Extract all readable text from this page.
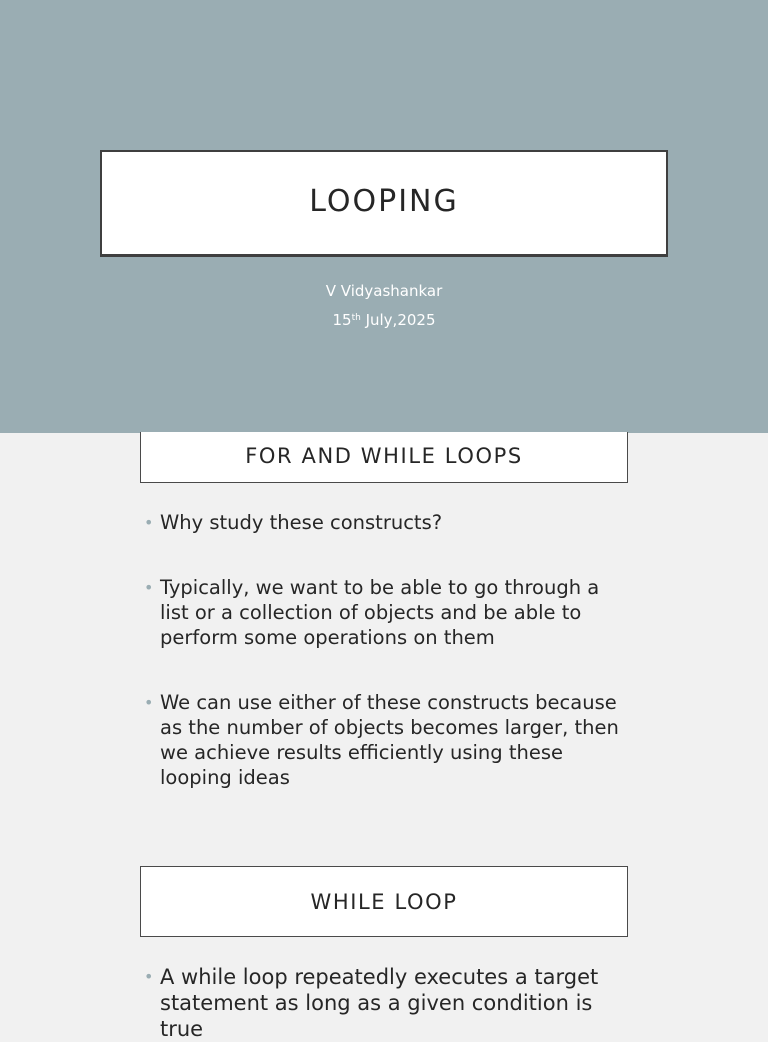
LOOPING
V Vidyashankar
15th July,2025
FOR AND WHILE LOOPS
• Why study these constructs?
• Typically, we want to be able to go through a list or a collection of objects and be able to perform some operations on them
• We can use either of these constructs because as the number of objects becomes larger, then we achieve results efficiently using these looping ideas
WHILE LOOP
• A while loop repeatedly executes a target statement as long as a given condition is true
